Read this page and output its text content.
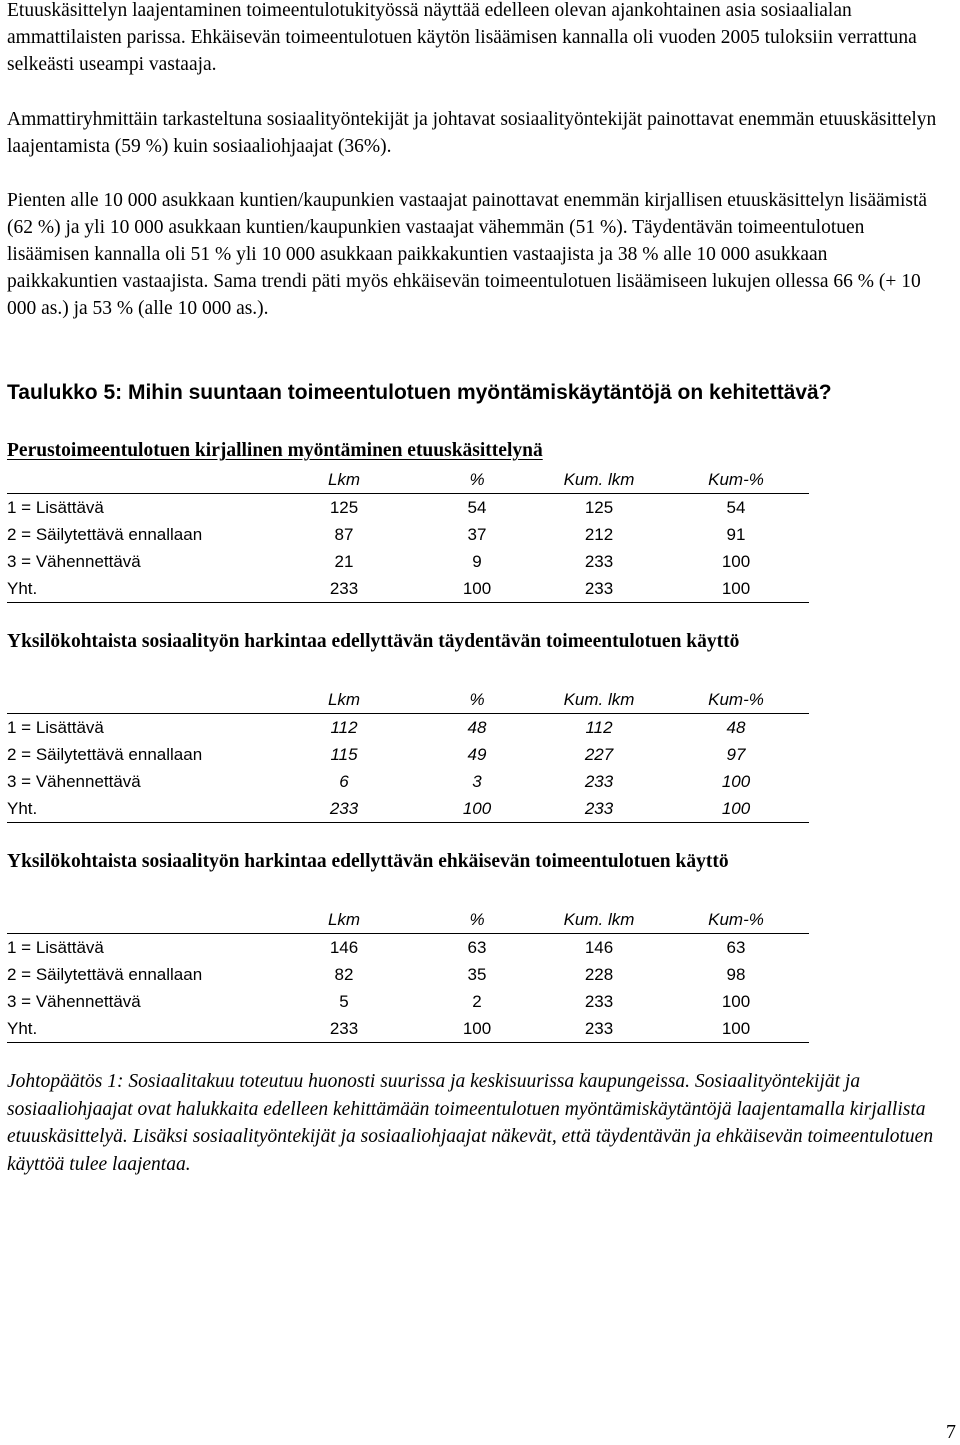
Etuuskäsittelyn laajentaminen toimeentulotukityössä näyttää edelleen olevan ajankohtainen asia sosiaalialan ammattilaisten parissa. Ehkäisevän toimeentulotuen käytön lisäämisen kannalla oli vuoden 2005 tuloksiin verrattuna selkeästi useampi vastaaja.

Ammattiryhmittäin tarkasteltuna sosiaalityöntekijät ja johtavat sosiaalityöntekijät painottavat enemmän etuuskäsittelyn laajentamista (59 %) kuin sosiaaliohjaajat (36%).

Pienten alle 10 000 asukkaan kuntien/kaupunkien vastaajat painottavat enemmän kirjallisen etuuskäsittelyn lisäämistä (62 %) ja yli 10 000 asukkaan kuntien/kaupunkien vastaajat vähemmän (51 %). Täydentävän toimeentulotuen lisäämisen kannalla oli 51 % yli 10 000 asukkaan paikkakuntien vastaajista ja 38 % alle 10 000 asukkaan paikkakuntien vastaajista. Sama trendi päti myös ehkäisevän toimeentulotuen lisäämiseen lukujen ollessa 66 % (+ 10 000 as.) ja 53 % (alle 10 000 as.).

Taulukko 5: Mihin suuntaan toimeentulotuen myöntämiskäytäntöjä on kehitettävä?
Perustoimeentulotuen kirjallinen myöntäminen etuuskäsittelynä
	Lkm	%	Kum. lkm	Kum-%
1 = Lisättävä	125	54	125	54
2 = Säilytettävä ennallaan	87	37	212	91
3 = Vähennettävä	21	9	233	100
Yht.	233	100	233	100
Yksilökohtaista sosiaalityön harkintaa edellyttävän täydentävän toimeentulotuen käyttö
	Lkm	%	Kum. lkm	Kum-%
1 = Lisättävä	112	48	112	48
2 = Säilytettävä ennallaan	115	49	227	97
3 = Vähennettävä	6	3	233	100
Yht.	233	100	233	100
Yksilökohtaista sosiaalityön harkintaa edellyttävän ehkäisevän toimeentulotuen käyttö
	Lkm	%	Kum. lkm	Kum-%
1 = Lisättävä	146	63	146	63
2 = Säilytettävä ennallaan	82	35	228	98
3 = Vähennettävä	5	2	233	100
Yht.	233	100	233	100

Johtopäätös 1: Sosiaalitakuu toteutuu huonosti suurissa ja keskisuurissa kaupungeissa. Sosiaalityöntekijät ja sosiaaliohjaajat ovat halukkaita edelleen kehittämään toimeentulotuen myöntämiskäytäntöjä laajentamalla kirjallista etuuskäsittelyä. Lisäksi sosiaalityöntekijät ja sosiaaliohjaajat näkevät, että täydentävän ja ehkäisevän toimeentulotuen käyttöä tulee laajentaa.

7
